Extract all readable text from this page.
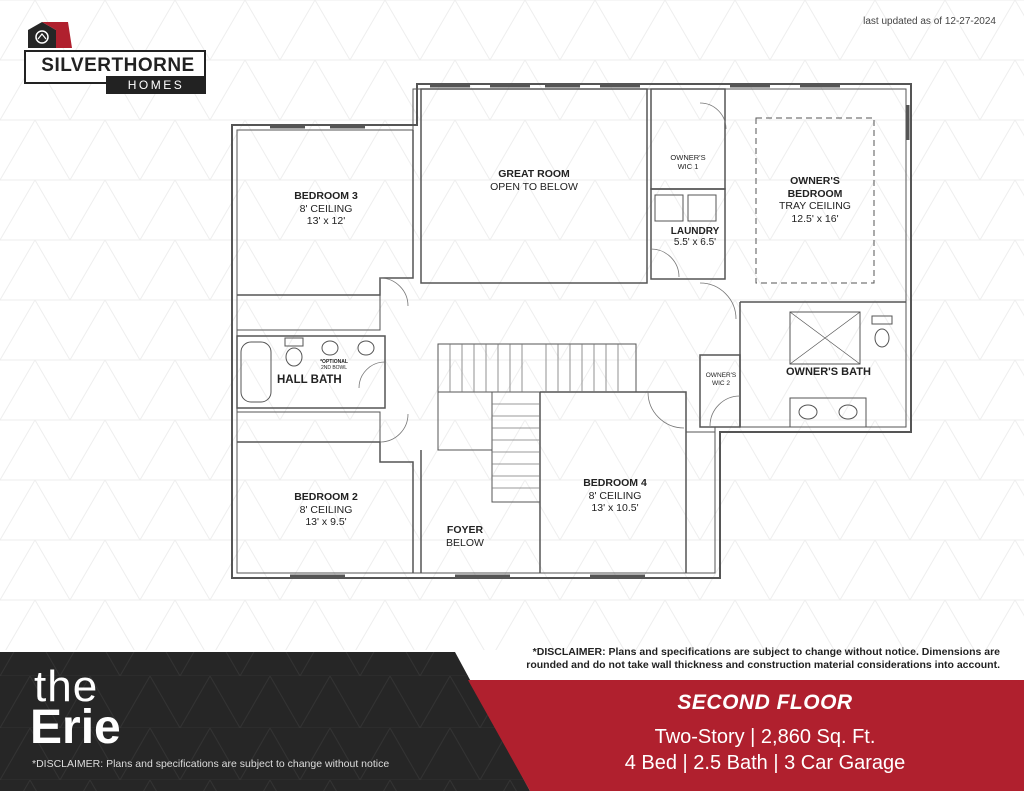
last updated as of 12-27-2024
SILVERTHORNE
HOMES
BEDROOM 3
8' CEILING
13' x 12'
GREAT ROOM
OPEN TO BELOW
OWNER'S
WIC 1
LAUNDRY
5.5' x 6.5'
OWNER'S
BEDROOM
TRAY CEILING
12.5' x 16'
HALL BATH
*OPTIONAL
2ND BOWL
OWNER'S
WIC 2
OWNER'S BATH
BEDROOM 2
8' CEILING
13' x 9.5'
FOYER
BELOW
BEDROOM 4
8' CEILING
13' x 10.5'
*DISCLAIMER: Plans and specifications are subject to change without notice. Dimensions are
rounded and do not take wall thickness and construction material considerations into account.
the
Erie
*DISCLAIMER: Plans and specifications are subject to change without notice
SECOND FLOOR
Two-Story | 2,860 Sq. Ft.
4 Bed | 2.5 Bath | 3 Car Garage
